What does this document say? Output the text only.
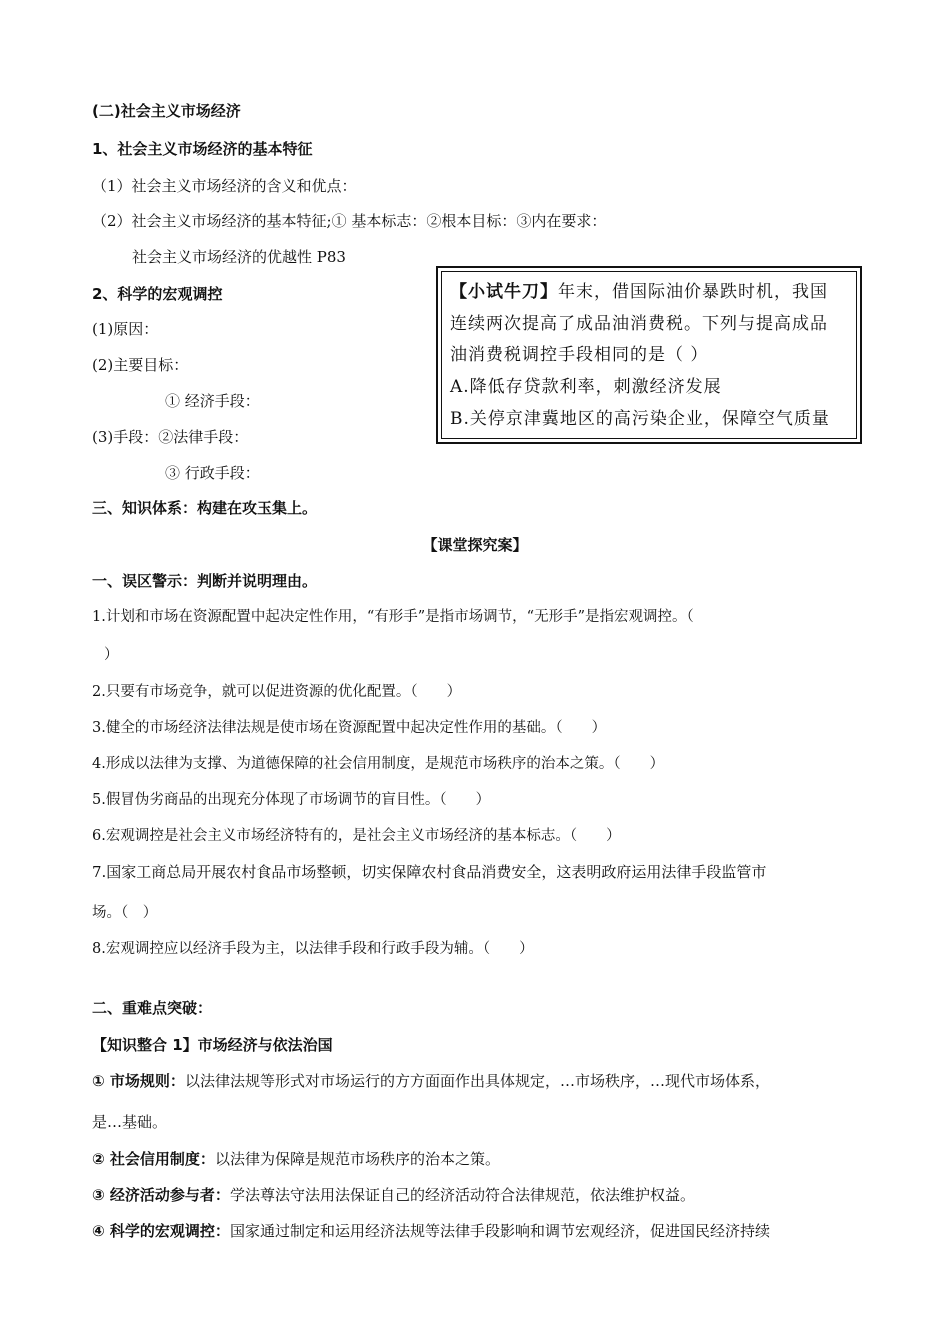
(二)社会主义市场经济
1、社会主义市场经济的基本特征
（1）社会主义市场经济的含义和优点：
（2）社会主义市场经济的基本特征;① 基本标志：②根本目标：③内在要求：
社会主义市场经济的优越性 P83
2、科学的宏观调控
(1)原因：
(2)主要目标：
① 经济手段：
(3)手段：②法律手段：
③ 行政手段：
【小试牛刀】年末，借国际油价暴跌时机，我国
连续两次提高了成品油消费税。下列与提高成品
油消费税调控手段相同的是（ ）
A.降低存贷款利率，刺激经济发展
B.关停京津冀地区的高污染企业，保障空气质量
三、知识体系：构建在攻玉集上。
【课堂探究案】
一、误区警示：判断并说明理由。
1.计划和市场在资源配置中起决定性作用，“有形手”是指市场调节，“无形手”是指宏观调控。（
）
2.只要有市场竞争，就可以促进资源的优化配置。（　　）
3.健全的市场经济法律法规是使市场在资源配置中起决定性作用的基础。（　　）
4.形成以法律为支撑、为道德保障的社会信用制度，是规范市场秩序的治本之策。（　　）
5.假冒伪劣商品的出现充分体现了市场调节的盲目性。（　　）
6.宏观调控是社会主义市场经济特有的，是社会主义市场经济的基本标志。（　　）
7.国家工商总局开展农村食品市场整顿，切实保障农村食品消费安全，这表明政府运用法律手段监管市
场。（　）
8.宏观调控应以经济手段为主，以法律手段和行政手段为辅。（　　）
二、重难点突破：
【知识整合 1】市场经济与依法治国
① 市场规则：以法律法规等形式对市场运行的方方面面作出具体规定，…市场秩序，…现代市场体系，
是…基础。
② 社会信用制度：以法律为保障是规范市场秩序的治本之策。
③ 经济活动参与者：学法尊法守法用法保证自己的经济活动符合法律规范，依法维护权益。
④ 科学的宏观调控：国家通过制定和运用经济法规等法律手段影响和调节宏观经济，促进国民经济持续
